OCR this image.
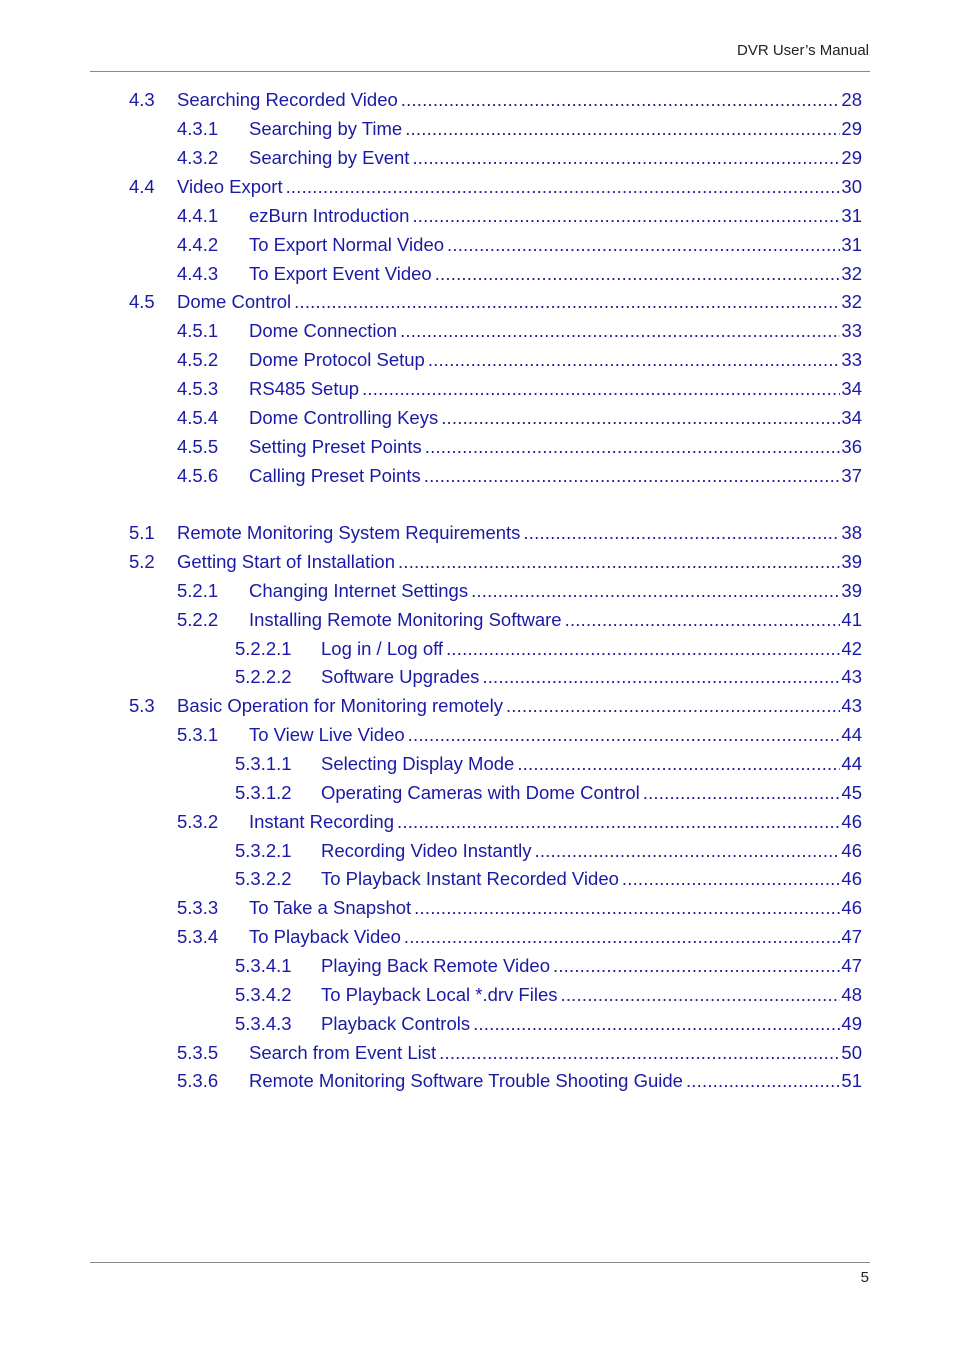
DVR User’s Manual
4.3	Searching Recorded Video .....	28
4.3.1	Searching by Time .....	29
4.3.2	Searching by Event .....	29
4.4	Video Export .....	30
4.4.1	ezBurn Introduction .....	31
4.4.2	To Export Normal Video .....	31
4.4.3	To Export Event Video .....	32
4.5	Dome Control .....	32
4.5.1	Dome Connection .....	33
4.5.2	Dome Protocol Setup .....	33
4.5.3	RS485 Setup .....	34
4.5.4	Dome Controlling Keys .....	34
4.5.5	Setting Preset Points .....	36
4.5.6	Calling Preset Points .....	37
5.1	Remote Monitoring System Requirements .....	38
5.2	Getting Start of Installation .....	39
5.2.1	Changing Internet Settings .....	39
5.2.2	Installing Remote Monitoring Software .....	41
5.2.2.1	Log in / Log off .....	42
5.2.2.2	Software Upgrades .....	43
5.3	Basic Operation for Monitoring remotely .....	43
5.3.1	To View Live Video .....	44
5.3.1.1	Selecting Display Mode .....	44
5.3.1.2	Operating Cameras with Dome Control .....	45
5.3.2	Instant Recording .....	46
5.3.2.1	Recording Video Instantly .....	46
5.3.2.2	To Playback Instant Recorded Video .....	46
5.3.3	To Take a Snapshot .....	46
5.3.4	To Playback Video .....	47
5.3.4.1	Playing Back Remote Video .....	47
5.3.4.2	To Playback Local *.drv Files .....	48
5.3.4.3	Playback Controls .....	49
5.3.5	Search from Event List .....	50
5.3.6	Remote Monitoring Software Trouble Shooting Guide .....	51
5
